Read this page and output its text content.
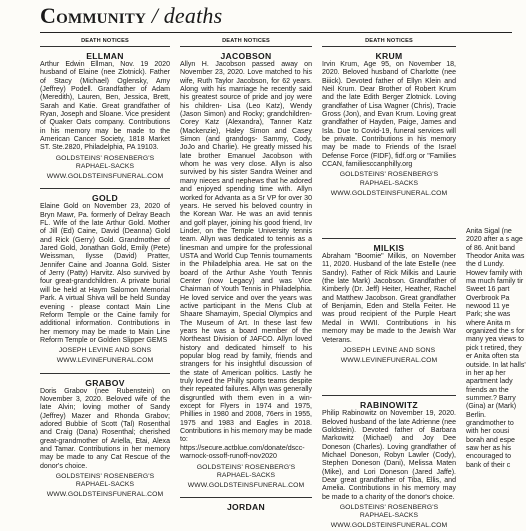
Community / deaths
DEATH NOTICES
ELLMAN
Arthur Edwin Ellman, Nov. 19 2020 husband of Elaine (nee Zlotnick). Father of Stacy (Michael) Oglensky, Amy (Jeffrey) Podell. Grandfather of Adam (Meredith), Lauren, Ben, Jessica, Brett, Sarah and Katie. Great grandfather of Ryan, Joseph and Sloane. Vice president of Quaker Oats company. Contributions in his memory may be made to the American Cancer Society, 1818 Market ST. Ste.2820, Philadelphia, PA 19103.
GOLDSTEINS' ROSENBERG'S RAPHAEL-SACKS
WWW.GOLDSTEINSFUNERAL.COM
GOLD
Elaine Gold on November 23, 2020 of Bryn Mawr, Pa. formerly of Delray Beach FL. Wife of the late Arthur Gold. Mother of Jill (Ed) Caine, David (Deanna) Gold and Rick (Gerry) Gold. Grandmother of Jared Gold, Jonathan Gold, Emily (Pete) Weissman, Ilysse (David) Pratter, Jennifer Caine and Joanna Gold. Sister of Jerry (Patty) Harvitz. Also survived by four great-grandchildren. A private burial will be held at Haym Salomon Memorial Park. A virtual Shiva will be held Sunday evening - please contact Main Line Reform Temple or the Caine family for additional information. Contributions in her memory may be made to Main Line Reform Temple or Golden Slipper GEMS
JOSEPH LEVINE AND SONS
WWW.LEVINEFUNERAL.COM
GRABOV
Doris Grabov (nee Rubenstein) on November 3, 2020. Beloved wife of the late Alvin; loving mother of Sandy (Jeffrey) Mazer and Rhonda Grabov; adored Bubbie of Scott (Tal) Rosenthal and Craig (Dana) Rosenthal; cherished great-grandmother of Ariella, Etai, Alexa and Tamar. Contributions in her memory may be made to any Cat Rescue of the donor's choice.
GOLDSTEINS' ROSENBERG'S RAPHAEL-SACKS
WWW.GOLDSTEINSFUNERAL.COM
DEATH NOTICES
JACOBSON
Allyn H. Jacobson passed away on November 23, 2020. Love matched to his wife, Ruth Taylor Jacobson, for 62 years. Along with his marriage he recently said his greatest source of pride and joy were his children- Lisa (Leo Katz), Wendy (Jason Simon) and Rocky; grandchildren- Corey Katz (Alexandra), Tanner Katz (Mackenzie), Haley Simon and Casey Simon (and grandogs- Sammy, Cody, JoJo and Charlie). He greatly missed his late brother Emanuel Jacobson with whom he was very close. Allyn is also survived by his sister Sandra Weiner and many nieces and nephews that he adored and enjoyed spending time with. Allyn worked for Advanta as a Sr VP for over 30 years. He served his beloved country in the Korean War. He was an avid tennis and golf player, joining his good friend, Irv Linder, on the Temple University tennis team. Allyn was dedicated to tennis as a linesman and umpire for the professional USTA and World Cup Tennis tournaments in the Philadelphia area. He sat on the board of the Arthur Ashe Youth Tennis Center (now Legacy) and was Vice Chairman of Youth Tennis in Philadelphia. He loved service and over the years was active participant in the Mens Club at Shaare Shamayim, Special Olympics and The Museum of Art. In these last few years he was a board member of the Northeast Division of JAFCO. Allyn loved history and dedicated himself to his popular blog read by family, friends and strangers for his insightful discussion of the state of American politics. Lastly he truly loved the Philly sports teams despite their repeated failures. Allyn was generally disgruntled with them even in a win- except for Flyers in 1974 and 1975, Phillies in 1980 and 2008, 76ers in 1955, 1975 and 1983 and Eagles in 2018. Contributions in his memory may be made to: https://secure.actblue.com/donate/dscc-warnock-ossoff-runoff-nov2020
GOLDSTEINS' ROSENBERG'S RAPHAEL-SACKS
WWW.GOLDSTEINSFUNERAL.COM
JORDAN
DEATH NOTICES
KRUM
Irvin Krum, Age 95, on November 18, 2020. Beloved husband of Charlotte (nee Biiick). Devoted father of Ellyn Klein and Neil Krum. Dear Brother of Robert Krum and the late Edith Berger Zlotnick. Loving grandfather of Lisa Wagner (Chris), Tracie Gross (Jon), and Evan Krum. Loving great grandfather of Hayden, Paige, James and Isla. Due to Covid-19, funeral services will be private. Contributions in his memory may be made to Friends of the Israel Defense Force (FIDF), fidf.org or "Families CCAN, familiesccanphilly.org
GOLDSTEINS' ROSENBERG'S RAPHAEL-SACKS
WWW.GOLDSTEINSFUNERAL.COM
MILKIS
Abraham "Boomie" Milkis, on November 11, 2020. Husband of the late Estelle (nee Sandry). Father of Rick Milkis and Laurie (the late Mark) Jacobson. Grandfather of Kimberly (Dr. Jeff) Heiter, Heather, Rachel and Matthew Jacobson. Great grandfather of Benjamin, Eden and Stella Feiter. He was proud recipient of the Purple Heart Medal in WWII. Contributions in his memory may be made to the Jewish War Veterans.
JOSEPH LEVINE AND SONS
WWW.LEVINEFUNERAL.COM
RABINOWITZ
Philip Rabinowitz on November 19, 2020. Beloved husband of the late Adrienne (nee Goldstein). Devoted father of Barbara Markowitz (Michael) and Joy Dee Doneson (Charles). Loving grandfather of Michael Doneson, Robyn Lawler (Cody), Stephen Doneson (Dani), Melissa Maten (Mike), and Lori Doneson (Jared Jaffe). Dear great grandfather of Tiba, Ellis, and Amelia. Contributions in his memory may be made to a charity of the donor's choice.
GOLDSTEINS' ROSENBERG'S RAPHAEL-SACKS
WWW.GOLDSTEINSFUNERAL.COM
Anita Sigal (ne 2020 after a s age of 86. Anit band Theodor Anita was the d Lundy. Howev family with ma much family tir Sweet 16 part Overbrook Pa newood 11 ye Park; she was where Anita m organized the s for many yea views to pick t retired, they er Anita often sta outside. In lat halls' in her ap her apartment lady friends an the summer.? Barry (Gina) ar (Mark) Berlin. grandmother to with her cousi borah and espe saw her as his encouraged to bank of their c
